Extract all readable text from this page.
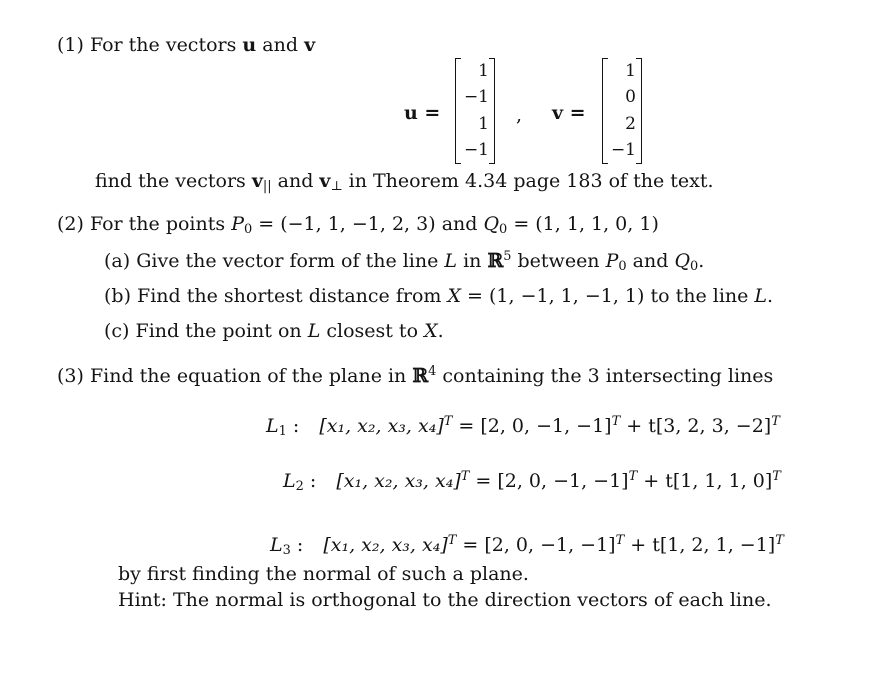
(1) For the vectors u and v
u =
1
−1
1
−1
, v =
1
0
2
−1
find the vectors $v_{||}$ and $v_\perp$ in Theorem 4.34 page 183 of the text.
(2) For the points $P_0 = (-1$, 1, −1, 2, 3) and $Q_0 = (1$, 1, 1, 0, 1)
(a) Give the vector form of the line L in ℝ$^5$ between $P_0$ and $Q_0$.
(b) Find the shortest distance from X = (1, −1, 1, −1, 1) to the line L.
(c) Find the point on L closest to X.
(3) Find the equation of the plane in ℝ$^4$ containing the 3 intersecting lines
$L_1$ : [x₁, x₂, x₃, x₄]$^T$ = [2, 0, −1, −1]$^T$ + t[3, 2, 3, −2]$^T$
$L_2$ : [x₁, x₂, x₃, x₄]$^T$ = [2, 0, −1, −1]$^T$ + t[1, 1, 1, 0]$^T$
$L_3$ : [x₁, x₂, x₃, x₄]$^T$ = [2, 0, −1, −1]$^T$ + t[1, 2, 1, −1]$^T$
by first finding the normal of such a plane.
Hint: The normal is orthogonal to the direction vectors of each line.
